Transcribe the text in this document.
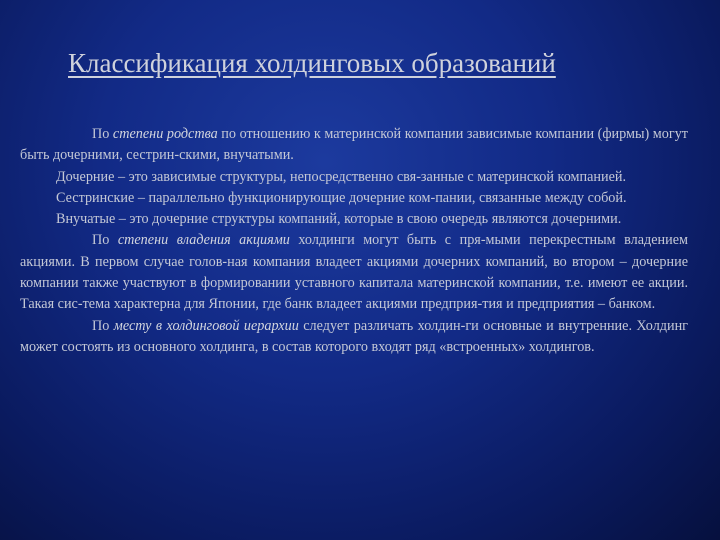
Классификация холдинговых образований

По степени родства по отношению к материнской компании зависимые компании (фирмы) могут быть дочерними, сестрин-скими, внучатыми.

Дочерние – это зависимые структуры, непосредственно свя-занные с материнской компанией.

Сестринские – параллельно функционирующие дочерние ком-пании, связанные между собой.

Внучатые – это дочерние структуры компаний, которые в свою очередь являются дочерними.

По степени владения акциями холдинги могут быть с пря-мыми перекрестным владением акциями. В первом случае голов-ная компания владеет акциями дочерних компаний, во втором – дочерние компании также участвуют в формировании уставного капитала материнской компании, т.е. имеют ее акции. Такая сис-тема характерна для Японии, где банк владеет акциями предприя-тия и предприятия – банком.

По месту в холдинговой иерархии следует различать холдин-ги основные и внутренние. Холдинг может состоять из основного холдинга, в состав которого входят ряд «встроенных» холдингов.
